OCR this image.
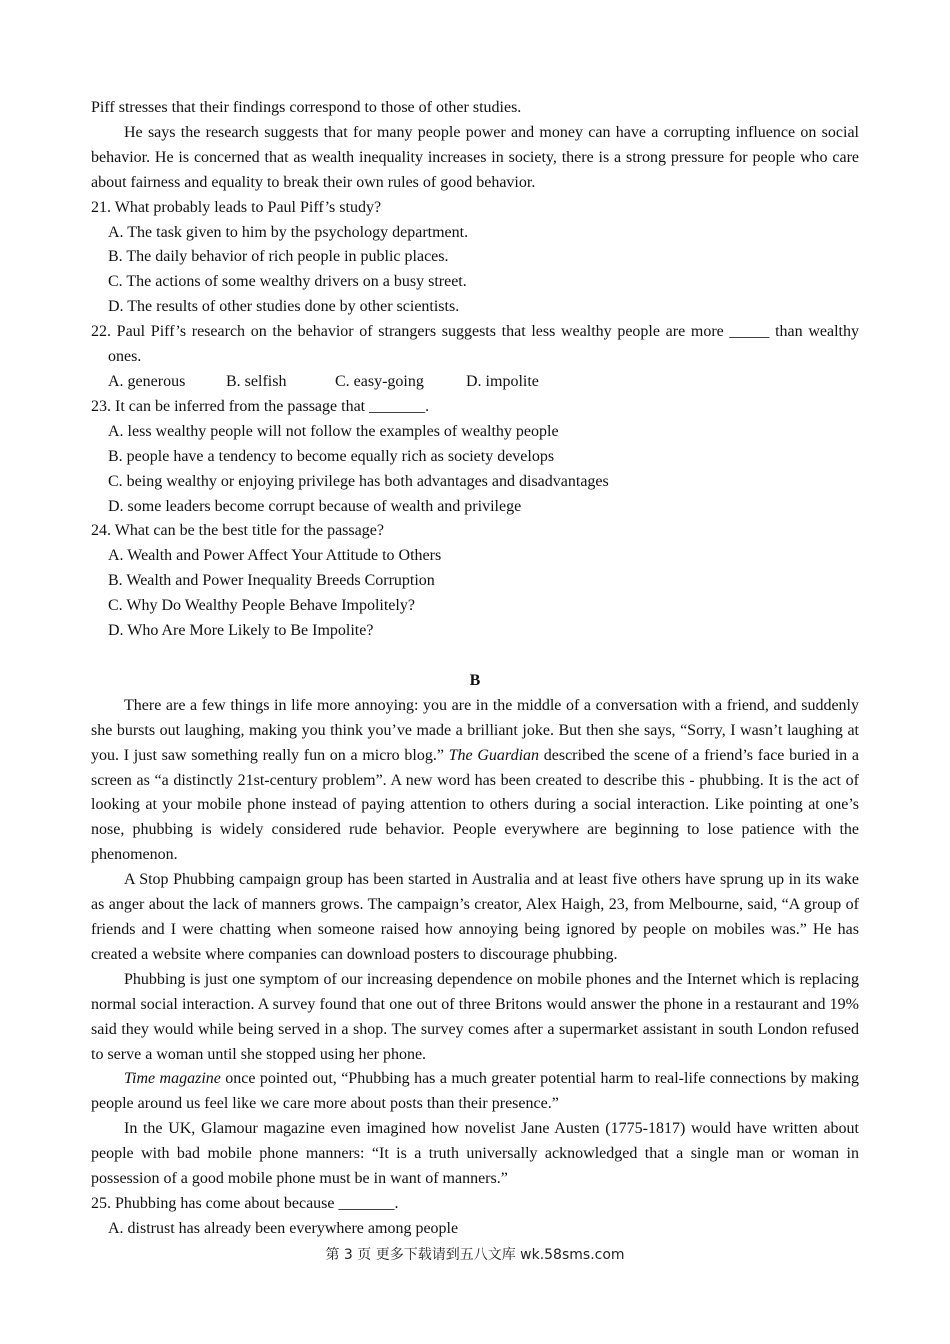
Piff stresses that their findings correspond to those of other studies.

He says the research suggests that for many people power and money can have a corrupting influence on social behavior. He is concerned that as wealth inequality increases in society, there is a strong pressure for people who care about fairness and equality to break their own rules of good behavior.

21. What probably leads to Paul Piff’s study?

A. The task given to him by the psychology department.

B. The daily behavior of rich people in public places.

C. The actions of some wealthy drivers on a busy street.

D. The results of other studies done by other scientists.

22. Paul Piff’s research on the behavior of strangers suggests that less wealthy people are more _____ than wealthy ones.

A. generous	B. selfish	C. easy-going	D. impolite

23. It can be inferred from the passage that _______.

A. less wealthy people will not follow the examples of wealthy people

B. people have a tendency to become equally rich as society develops

C. being wealthy or enjoying privilege has both advantages and disadvantages

D. some leaders become corrupt because of wealth and privilege

24. What can be the best title for the passage?

A. Wealth and Power Affect Your Attitude to Others

B. Wealth and Power Inequality Breeds Corruption

C. Why Do Wealthy People Behave Impolitely?

D. Who Are More Likely to Be Impolite?

B

There are a few things in life more annoying: you are in the middle of a conversation with a friend, and suddenly she bursts out laughing, making you think you’ve made a brilliant joke. But then she says, “Sorry, I wasn’t laughing at you. I just saw something really fun on a micro blog.” The Guardian described the scene of a friend’s face buried in a screen as “a distinctly 21st-century problem”. A new word has been created to describe this - phubbing. It is the act of looking at your mobile phone instead of paying attention to others during a social interaction. Like pointing at one’s nose, phubbing is widely considered rude behavior. People everywhere are beginning to lose patience with the phenomenon.

A Stop Phubbing campaign group has been started in Australia and at least five others have sprung up in its wake as anger about the lack of manners grows. The campaign’s creator, Alex Haigh, 23, from Melbourne, said, “A group of friends and I were chatting when someone raised how annoying being ignored by people on mobiles was.” He has created a website where companies can download posters to discourage phubbing.

Phubbing is just one symptom of our increasing dependence on mobile phones and the Internet which is replacing normal social interaction. A survey found that one out of three Britons would answer the phone in a restaurant and 19% said they would while being served in a shop. The survey comes after a supermarket assistant in south London refused to serve a woman until she stopped using her phone.

Time magazine once pointed out, “Phubbing has a much greater potential harm to real-life connections by making people around us feel like we care more about posts than their presence.”

In the UK, Glamour magazine even imagined how novelist Jane Austen (1775-1817) would have written about people with bad mobile phone manners: “It is a truth universally acknowledged that a single man or woman in possession of a good mobile phone must be in want of manners.”

25. Phubbing has come about because _______.

A. distrust has already been everywhere among people

第 3 页 更多下载请到五八文库 wk.58sms.com
